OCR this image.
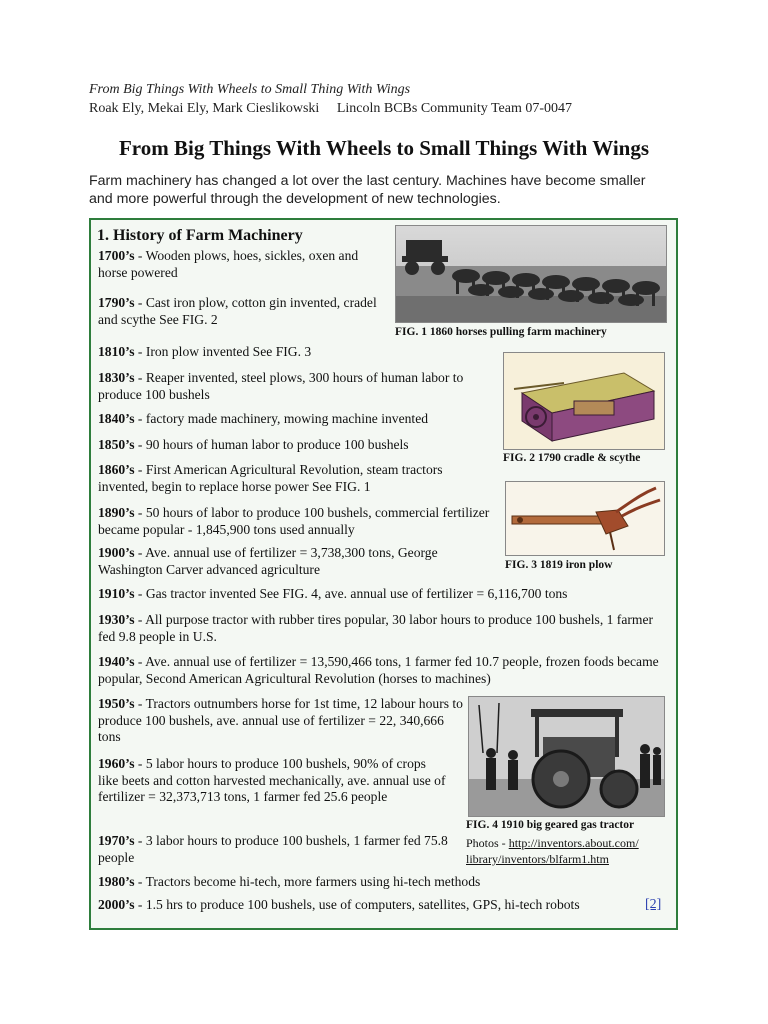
From Big Things With Wheels to Small Thing With Wings
Roak Ely, Mekai Ely, Mark Cieslikowski Lincoln BCBs Community Team 07-0047
From Big Things With Wheels to Small Things With Wings
Farm machinery has changed a lot over the last century. Machines have become smaller and more powerful through the development of new technologies.
1. History of Farm Machinery
1700’s - Wooden plows, hoes, sickles, oxen and horse powered
1790’s - Cast iron plow, cotton gin invented, cradel and scythe See FIG. 2
1810’s - Iron plow invented See FIG. 3
1830’s - Reaper invented, steel plows, 300 hours of human labor to produce 100 bushels
1840’s - factory made machinery, mowing machine invented
1850’s - 90 hours of human labor to produce 100 bushels
1860’s - First American Agricultural Revolution, steam tractors invented, begin to replace horse power See FIG. 1
1890’s - 50 hours of labor to produce 100 bushels, commercial fertilizer became popular - 1,845,900 tons used annually
1900’s - Ave. annual use of fertilizer = 3,738,300 tons, George Washington Carver advanced agriculture
1910’s - Gas tractor invented See FIG. 4, ave. annual use of fertilizer = 6,116,700 tons
1930’s - All purpose tractor with rubber tires popular, 30 labor hours to produce 100 bushels, 1 farmer fed 9.8 people in U.S.
1940’s - Ave. annual use of fertilizer = 13,590,466 tons, 1 farmer fed 10.7 people, frozen foods became popular, Second American Agricultural Revolution (horses to machines)
1950’s - Tractors outnumbers horse for 1st time, 12 labour hours to produce 100 bushels, ave. annual use of fertilizer = 22, 340,666 tons
1960’s - 5 labor hours to produce 100 bushels, 90% of crops like beets and cotton harvested mechanically, ave. annual use of fertilizer = 32,373,713 tons, 1 farmer fed 25.6 people
1970’s - 3 labor hours to produce 100 bushels, 1 farmer fed 75.8 people
1980’s - Tractors become hi-tech, more farmers using hi-tech methods
2000’s - 1.5 hrs to produce 100 bushels, use of computers, satellites, GPS, hi-tech robots	[2]
FIG. 1 1860 horses pulling farm machinery
FIG. 2 1790 cradle & scythe
FIG. 3 1819 iron plow
FIG. 4 1910 big geared gas tractor
Photos - http://inventors.about.com/
library/inventors/blfarm1.htm
